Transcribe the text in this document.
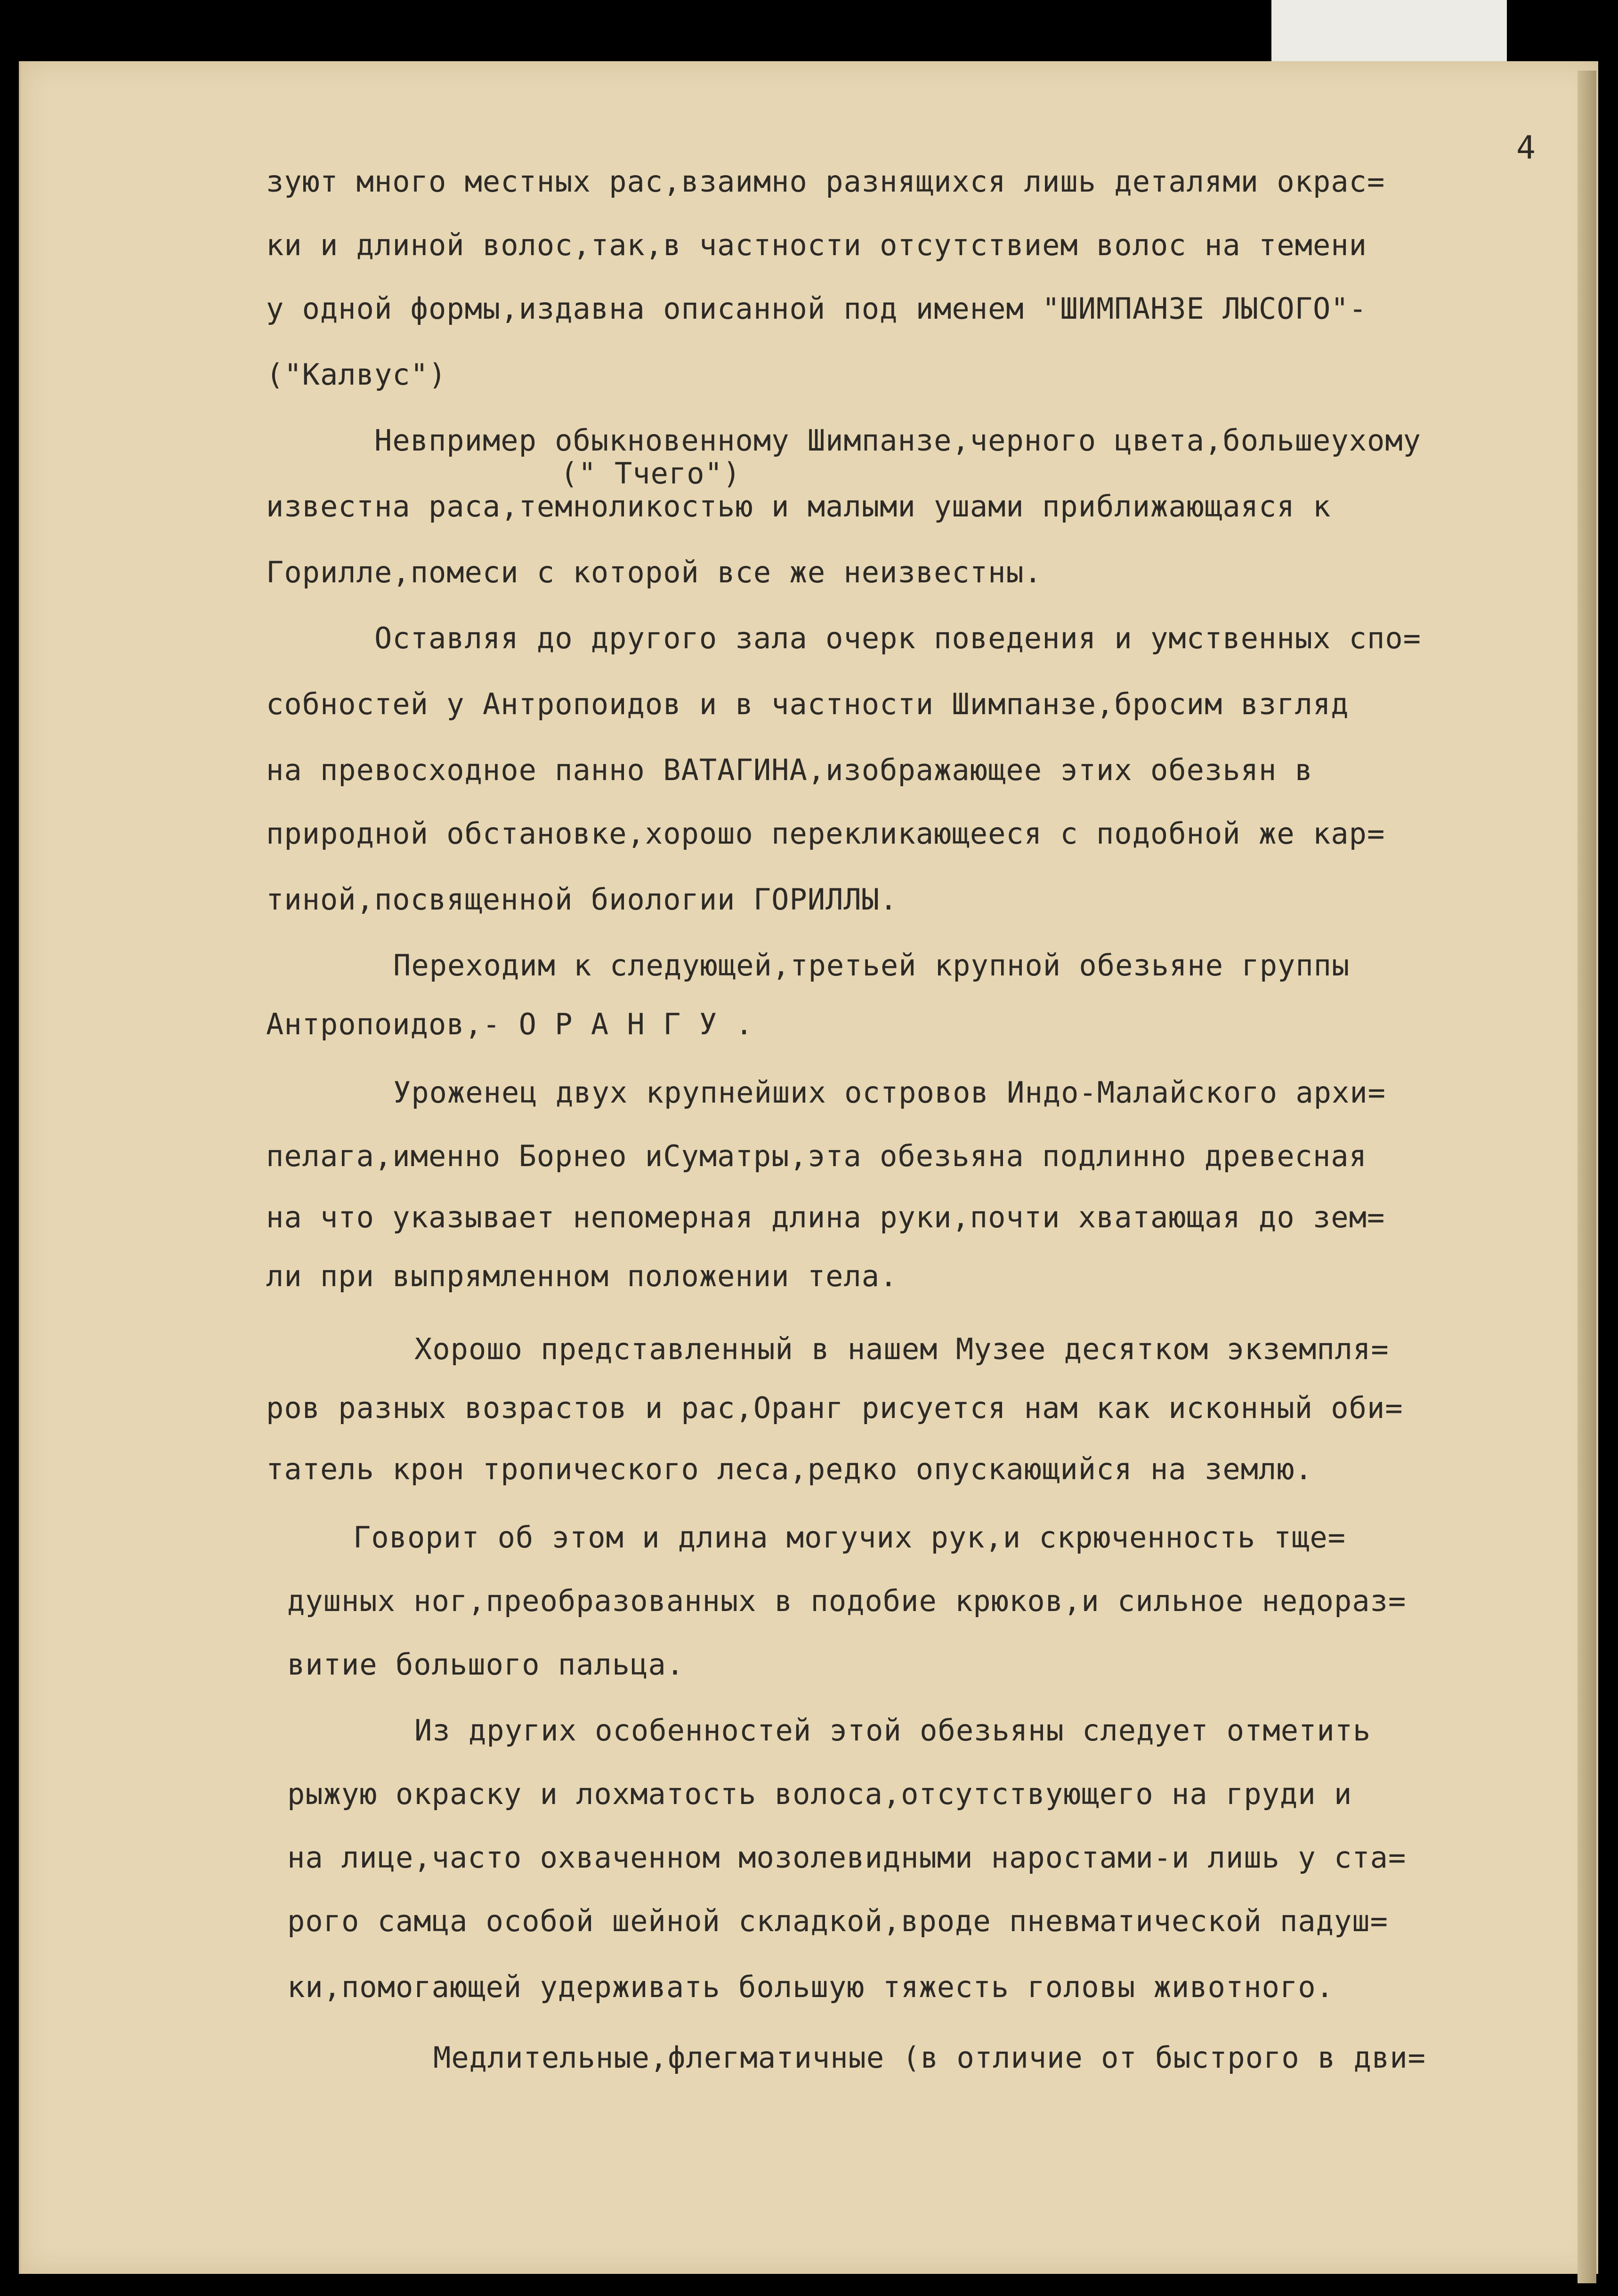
4
зуют много местных рас,взаимно разнящихся лишь деталями окрас=
ки и длиной волос,так,в частности отсутствием волос на темени
у одной формы,издавна описанной под именем "ШИМПАНЗЕ ЛЫСОГО"-
("Калвус")
Невпример обыкновенному Шимпанзе,черного цвета,большеухому
(" Тчего")
известна раса,темноликостью и малыми ушами приближающаяся к
Горилле,помеси с которой все же неизвестны.
Оставляя до другого зала очерк поведения и умственных спо=
собностей у Антропоидов и в частности Шимпанзе,бросим взгляд
на превосходное панно ВАТАГИНА,изображающее этих обезьян в
природной обстановке,хорошо перекликающееся с подобной же кар=
тиной,посвященной биологии ГОРИЛЛЫ.
Переходим к следующей,третьей крупной обезьяне группы
Антропоидов,- О Р А Н Г У .
Уроженец двух крупнейших островов Индо-Малайского архи=
пелага,именно Борнео иСуматры,эта обезьяна подлинно древесная
на что указывает непомерная длина руки,почти хватающая до зем=
ли при выпрямленном положении тела.
Хорошо представленный в нашем Музее десятком экземпля=
ров разных возрастов и рас,Оранг рисуется нам как исконный оби=
татель крон тропического леса,редко опускающийся на землю.
Говорит об этом и длина могучих рук,и скрюченность тще=
душных ног,преобразованных в подобие крюков,и сильное недораз=
витие большого пальца.
Из других особенностей этой обезьяны следует отметить
рыжую окраску и лохматость волоса,отсутствующего на груди и
на лице,часто охваченном мозолевидными наростами-и лишь у ста=
рого самца особой шейной складкой,вроде пневматической падуш=
ки,помогающей удерживать большую тяжесть головы животного.
Медлительные,флегматичные (в отличие от быстрого в дви=
